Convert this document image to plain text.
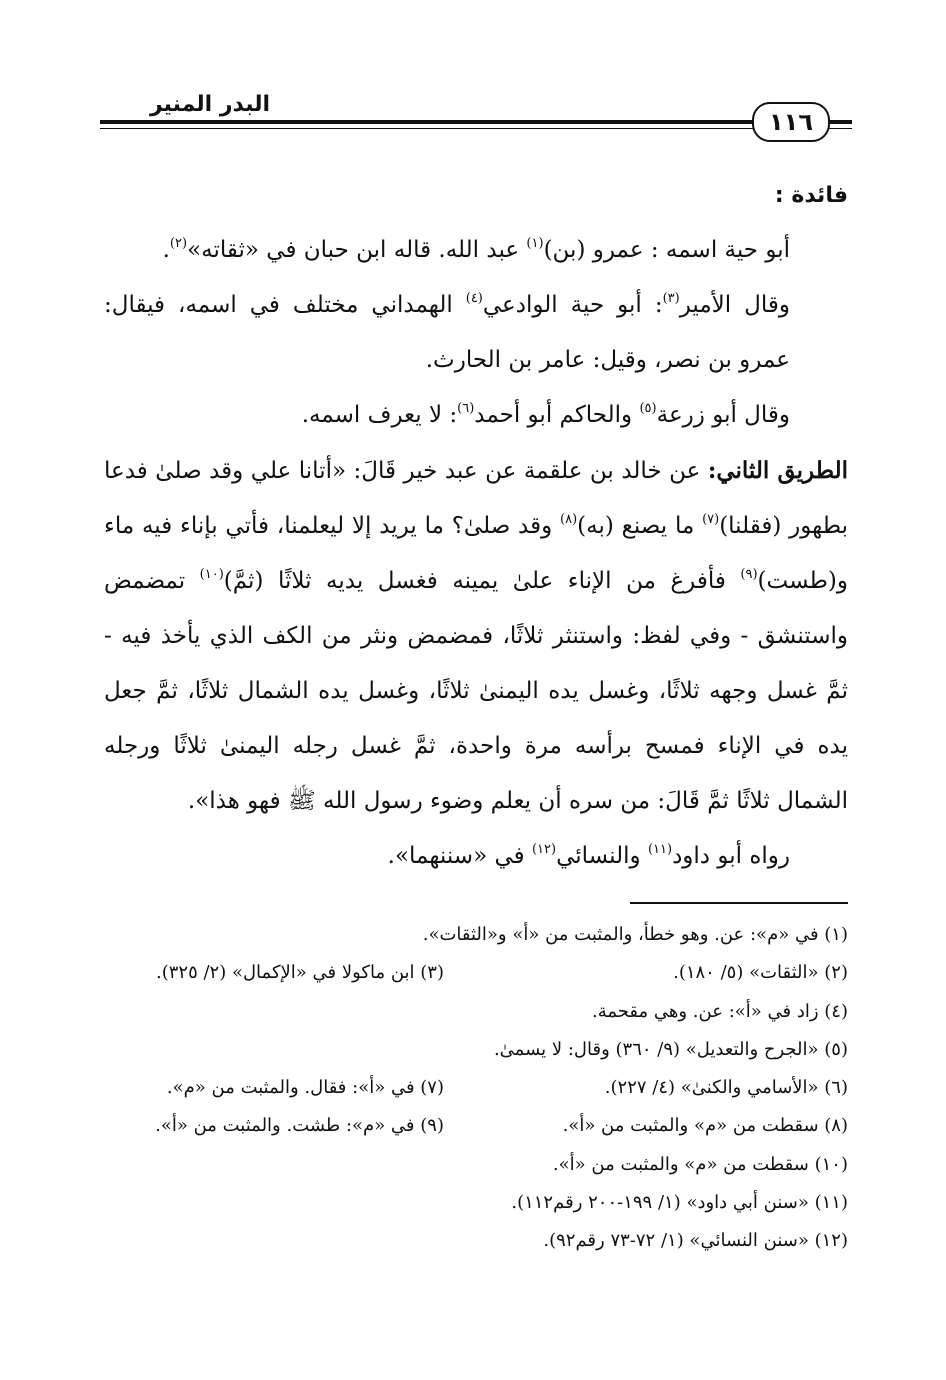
البدر المنير
١١٦

فائدة :

أبو حية اسمه : عمرو (بن)$^{(١)}$ عبد الله. قاله ابن حبان في «ثقاته»$^{(٢)}$.

وقال الأمير$^{(٣)}$: أبو حية الوادعي$^{(٤)}$ الهمداني مختلف في اسمه، فيقال: عمرو بن نصر، وقيل: عامر بن الحارث.

وقال أبو زرعة$^{(٥)}$ والحاكم أبو أحمد$^{(٦)}$: لا يعرف اسمه.

الطريق الثاني: عن خالد بن علقمة عن عبد خير قَالَ: «أتانا علي وقد صلىٰ فدعا بطهور (فقلنا)$^{(٧)}$ ما يصنع (به)$^{(٨)}$ وقد صلىٰ؟ ما يريد إلا ليعلمنا، فأتي بإناء فيه ماء و(طست)$^{(٩)}$ فأفرغ من الإناء علىٰ يمينه فغسل يديه ثلاثًا (ثمَّ)$^{(١٠)}$ تمضمض واستنشق - وفي لفظ: واستنثر ثلاثًا، فمضمض ونثر من الكف الذي يأخذ فيه - ثمَّ غسل وجهه ثلاثًا، وغسل يده اليمنىٰ ثلاثًا، وغسل يده الشمال ثلاثًا، ثمَّ جعل يده في الإناء فمسح برأسه مرة واحدة، ثمَّ غسل رجله اليمنىٰ ثلاثًا ورجله الشمال ثلاثًا ثمَّ قَالَ: من سره أن يعلم وضوء رسول الله ﷺ فهو هذا».

رواه أبو داود$^{(١١)}$ والنسائي$^{(١٢)}$ في «سننهما».

(١) في «م»: عن. وهو خطأ، والمثبت من «أ» و«الثقات».
(٢) «الثقات» (٥/ ١٨٠).
(٣) ابن ماكولا في «الإكمال» (٢/ ٣٢٥).
(٤) زاد في «أ»: عن. وهي مقحمة.
(٥) «الجرح والتعديل» (٩/ ٣٦٠) وقال: لا يسمىٰ.
(٦) «الأسامي والكنىٰ» (٤/ ٢٢٧).
(٧) في «أ»: فقال. والمثبت من «م».
(٨) سقطت من «م» والمثبت من «أ».
(٩) في «م»: طشت. والمثبت من «أ».
(١٠) سقطت من «م» والمثبت من «أ».
(١١) «سنن أبي داود» (١/ ١٩٩-٢٠٠ رقم١١٢).
(١٢) «سنن النسائي» (١/ ٧٢-٧٣ رقم٩٢).
